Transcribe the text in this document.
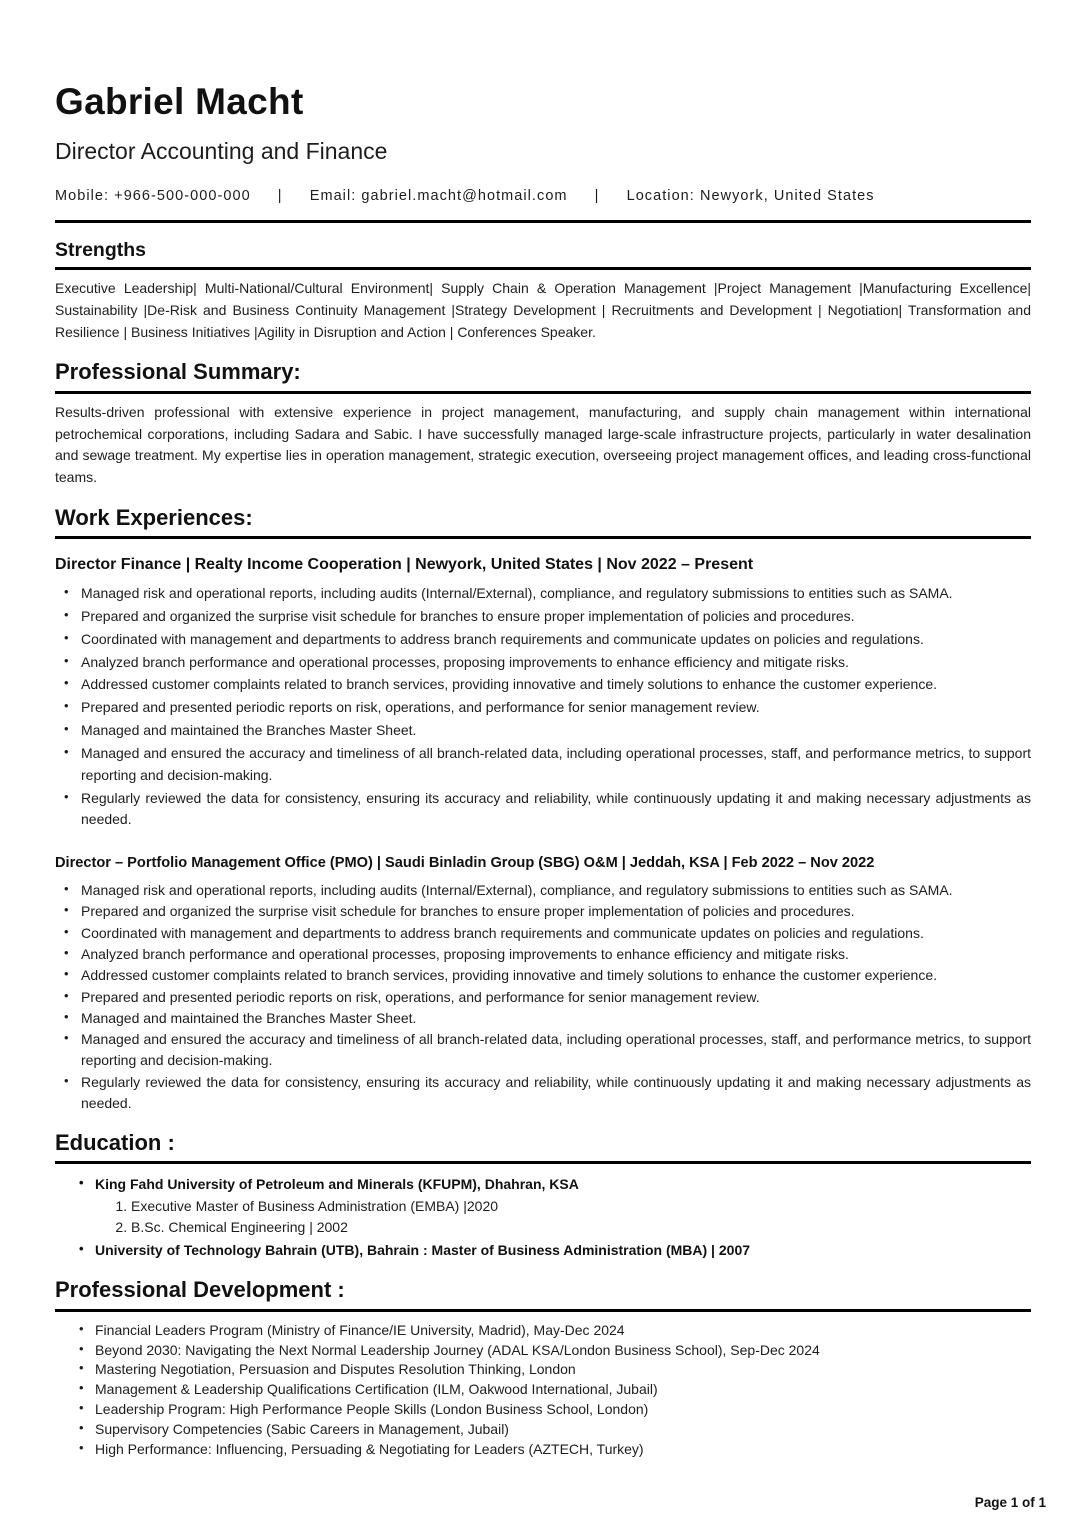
Gabriel Macht
Director Accounting and Finance
Mobile: +966-500-000-000 | Email: gabriel.macht@hotmail.com | Location: Newyork, United States
Strengths

Executive Leadership| Multi-National/Cultural Environment| Supply Chain & Operation Management |Project Management |Manufacturing Excellence| Sustainability |De-Risk and Business Continuity Management |Strategy Development | Recruitments and Development | Negotiation| Transformation and Resilience | Business Initiatives |Agility in Disruption and Action | Conferences Speaker.

Professional Summary:

Results-driven professional with extensive experience in project management, manufacturing, and supply chain management within international petrochemical corporations, including Sadara and Sabic. I have successfully managed large-scale infrastructure projects, particularly in water desalination and sewage treatment. My expertise lies in operation management, strategic execution, overseeing project management offices, and leading cross-functional teams.

Work Experiences:
Director Finance | Realty Income Cooperation | Newyork, United States | Nov 2022 – Present
• Managed risk and operational reports, including audits (Internal/External), compliance, and regulatory submissions to entities such as SAMA.
• Prepared and organized the surprise visit schedule for branches to ensure proper implementation of policies and procedures.
• Coordinated with management and departments to address branch requirements and communicate updates on policies and regulations.
• Analyzed branch performance and operational processes, proposing improvements to enhance efficiency and mitigate risks.
• Addressed customer complaints related to branch services, providing innovative and timely solutions to enhance the customer experience.
• Prepared and presented periodic reports on risk, operations, and performance for senior management review.
• Managed and maintained the Branches Master Sheet.
• Managed and ensured the accuracy and timeliness of all branch-related data, including operational processes, staff, and performance metrics, to support reporting and decision-making.
• Regularly reviewed the data for consistency, ensuring its accuracy and reliability, while continuously updating it and making necessary adjustments as needed.
Director – Portfolio Management Office (PMO) | Saudi Binladin Group (SBG) O&M | Jeddah, KSA | Feb 2022 – Nov 2022
• Managed risk and operational reports, including audits (Internal/External), compliance, and regulatory submissions to entities such as SAMA.
• Prepared and organized the surprise visit schedule for branches to ensure proper implementation of policies and procedures.
• Coordinated with management and departments to address branch requirements and communicate updates on policies and regulations.
• Analyzed branch performance and operational processes, proposing improvements to enhance efficiency and mitigate risks.
• Addressed customer complaints related to branch services, providing innovative and timely solutions to enhance the customer experience.
• Prepared and presented periodic reports on risk, operations, and performance for senior management review.
• Managed and maintained the Branches Master Sheet.
• Managed and ensured the accuracy and timeliness of all branch-related data, including operational processes, staff, and performance metrics, to support reporting and decision-making.
• Regularly reviewed the data for consistency, ensuring its accuracy and reliability, while continuously updating it and making necessary adjustments as needed.
Education :
• King Fahd University of Petroleum and Minerals (KFUPM), Dhahran, KSA
1. Executive Master of Business Administration (EMBA) |2020
2. B.Sc. Chemical Engineering | 2002
• University of Technology Bahrain (UTB), Bahrain : Master of Business Administration (MBA) | 2007
Professional Development :
• Financial Leaders Program (Ministry of Finance/IE University, Madrid), May-Dec 2024
• Beyond 2030: Navigating the Next Normal Leadership Journey (ADAL KSA/London Business School), Sep-Dec 2024
• Mastering Negotiation, Persuasion and Disputes Resolution Thinking, London
• Management & Leadership Qualifications Certification (ILM, Oakwood International, Jubail)
• Leadership Program: High Performance People Skills (London Business School, London)
• Supervisory Competencies (Sabic Careers in Management, Jubail)
• High Performance: Influencing, Persuading & Negotiating for Leaders (AZTECH, Turkey)
Page 1 of 1
